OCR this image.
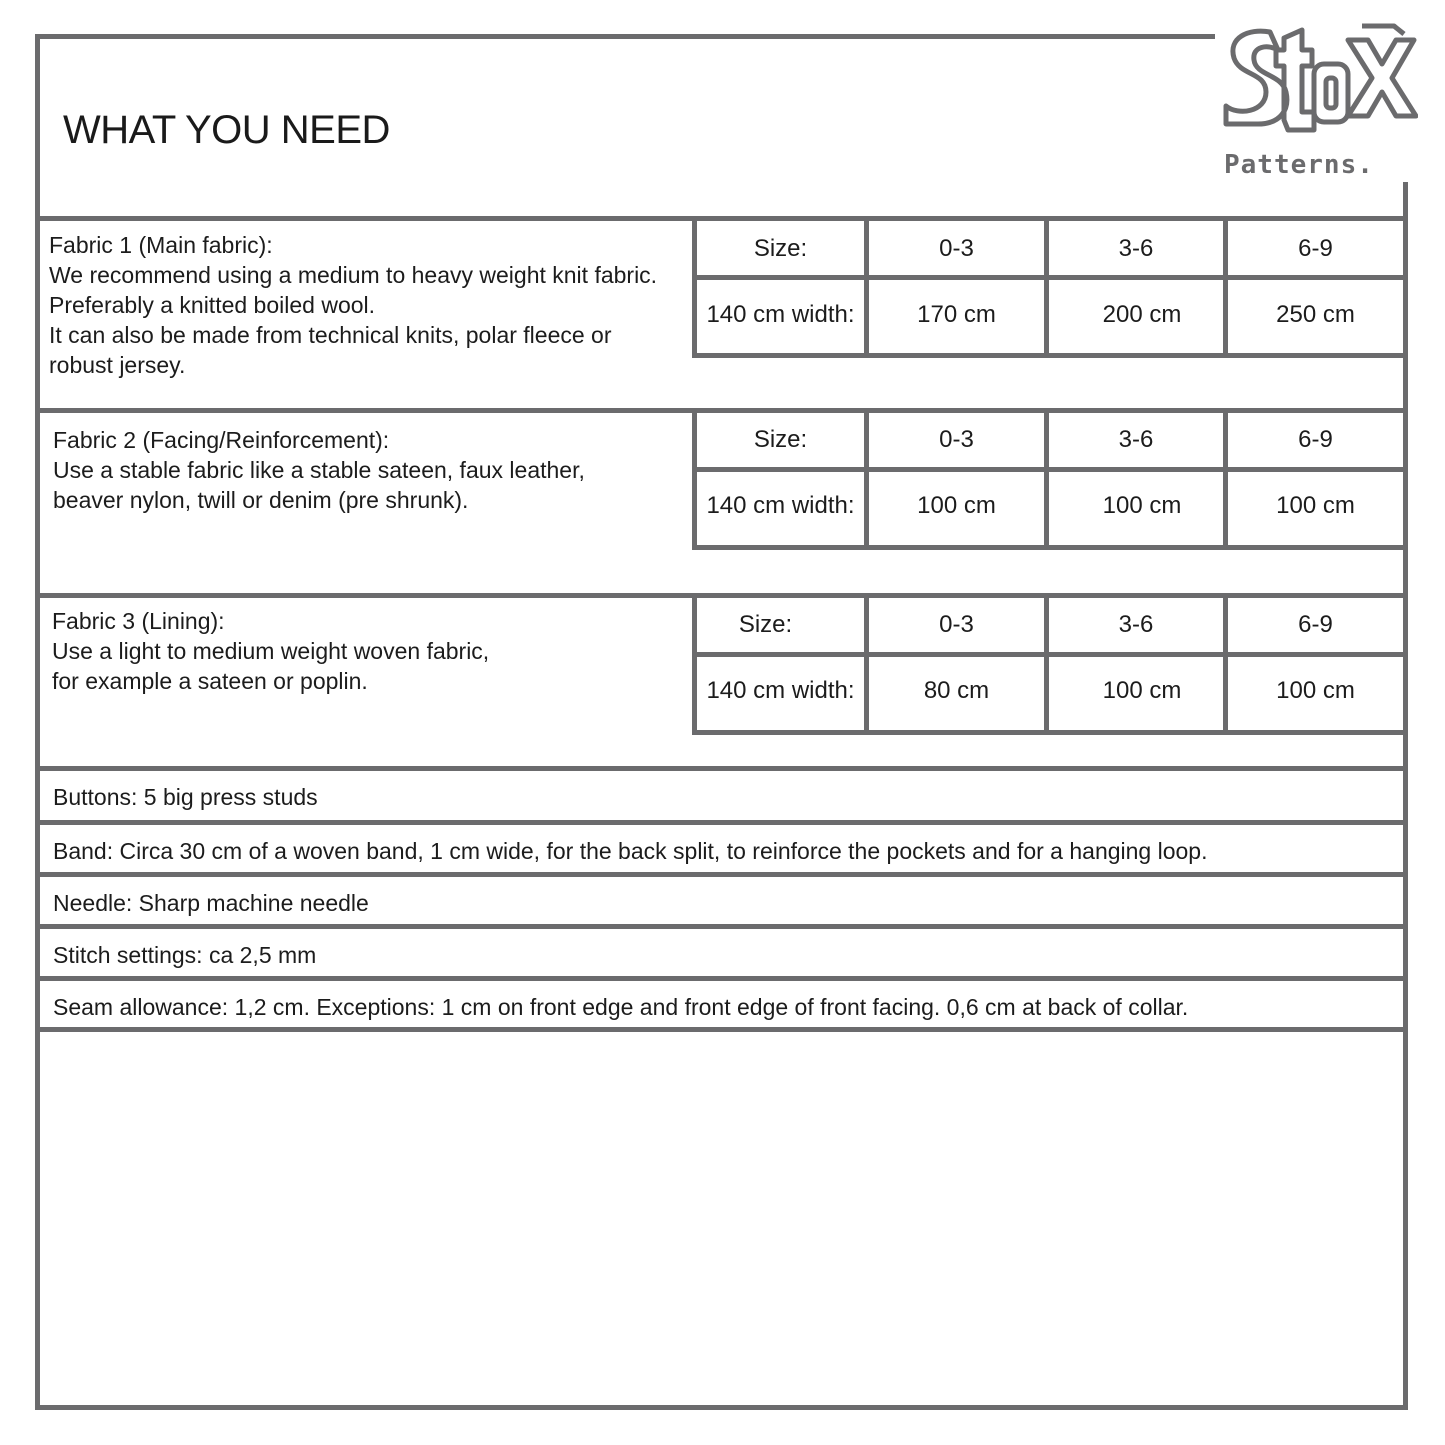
WHAT YOU NEED
Patterns.
Fabric 1 (Main fabric):
We recommend using a medium to heavy weight knit fabric.
Preferably a knitted boiled wool.
It can also be made from technical knits, polar fleece or
robust jersey.
Size:	0-3	3-6	6-9
140 cm width:	170 cm	200 cm	250 cm
Fabric 2 (Facing/Reinforcement):
Use a stable fabric like a stable sateen, faux leather,
beaver nylon, twill or denim (pre shrunk).
Size:	0-3	3-6	6-9
140 cm width:	100 cm	100 cm	100 cm
Fabric 3 (Lining):
Use a light to medium weight woven fabric,
for example a sateen or poplin.
Size:	0-3	3-6	6-9
140 cm width:	80 cm	100 cm	100 cm
Buttons: 5 big press studs
Band: Circa 30 cm of a woven band, 1 cm wide, for the back split, to reinforce the pockets and for a hanging loop.
Needle: Sharp machine needle
Stitch settings: ca 2,5 mm
Seam allowance: 1,2 cm. Exceptions: 1 cm on front edge and front edge of front facing. 0,6 cm at back of collar.
